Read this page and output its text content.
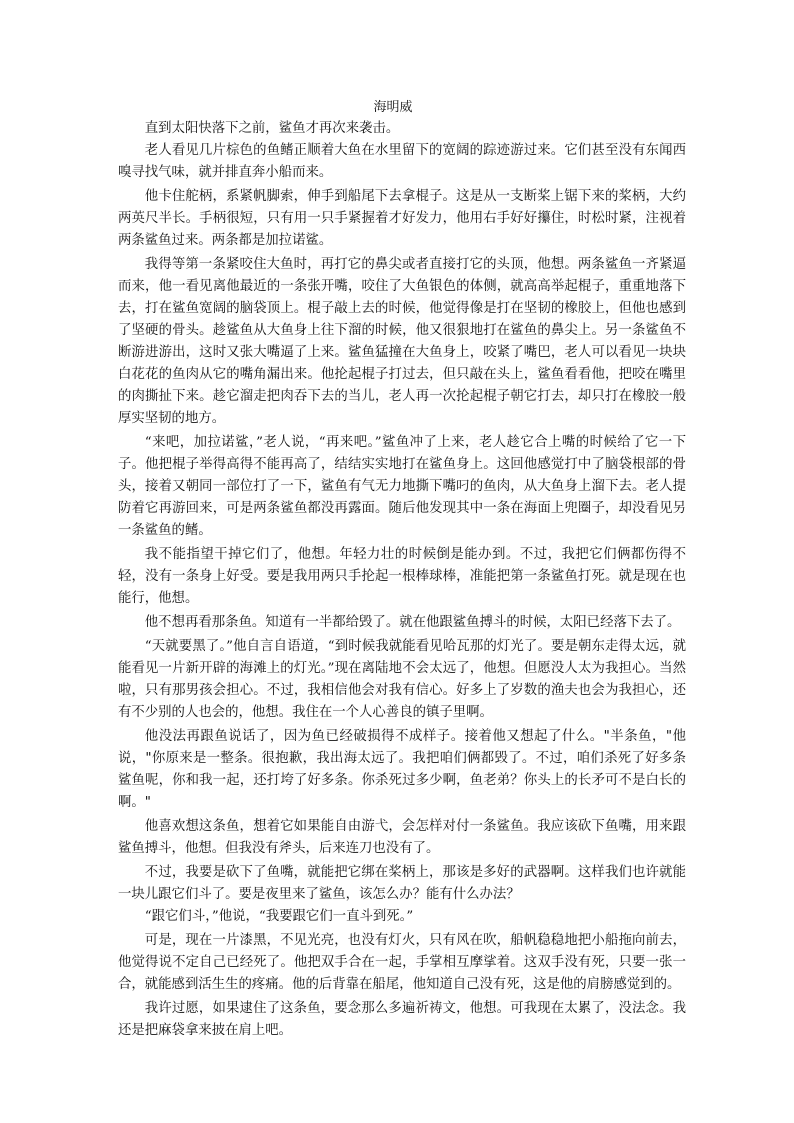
海明威

直到太阳快落下之前，鲨鱼才再次来袭击。

老人看见几片棕色的鱼鳍正顺着大鱼在水里留下的宽阔的踪迹游过来。它们甚至没有东闻西嗅寻找气味，就并排直奔小船而来。

他卡住舵柄，系紧帆脚索，伸手到船尾下去拿棍子。这是从一支断桨上锯下来的桨柄，大约两英尺半长。手柄很短，只有用一只手紧握着才好发力，他用右手好好攥住，时松时紧，注视着两条鲨鱼过来。两条都是加拉诺鲨。

我得等第一条紧咬住大鱼时，再打它的鼻尖或者直接打它的头顶，他想。两条鲨鱼一齐紧逼而来，他一看见离他最近的一条张开嘴，咬住了大鱼银色的体侧，就高高举起棍子，重重地落下去，打在鲨鱼宽阔的脑袋顶上。棍子敲上去的时候，他觉得像是打在坚韧的橡胶上，但他也感到了坚硬的骨头。趁鲨鱼从大鱼身上往下溜的时候，他又很狠地打在鲨鱼的鼻尖上。另一条鲨鱼不断游进游出，这时又张大嘴逼了上来。鲨鱼猛撞在大鱼身上，咬紧了嘴巴，老人可以看见一块块白花花的鱼肉从它的嘴角漏出来。他抡起棍子打过去，但只敲在头上，鲨鱼看看他，把咬在嘴里的肉撕扯下来。趁它溜走把肉吞下去的当儿，老人再一次抡起棍子朝它打去，却只打在橡胶一般厚实坚韧的地方。

“来吧，加拉诺鲨，”老人说，“再来吧。”鲨鱼冲了上来，老人趁它合上嘴的时候给了它一下子。他把棍子举得高得不能再高了，结结实实地打在鲨鱼身上。这回他感觉打中了脑袋根部的骨头，接着又朝同一部位打了一下，鲨鱼有气无力地撕下嘴叼的鱼肉，从大鱼身上溜下去。老人提防着它再游回来，可是两条鲨鱼都没再露面。随后他发现其中一条在海面上兜圈子，却没看见另一条鲨鱼的鳍。

我不能指望干掉它们了，他想。年轻力壮的时候倒是能办到。不过，我把它们俩都伤得不轻，没有一条身上好受。要是我用两只手抡起一根棒球棒，准能把第一条鲨鱼打死。就是现在也能行，他想。

他不想再看那条鱼。知道有一半都给毁了。就在他跟鲨鱼搏斗的时候，太阳已经落下去了。

“天就要黑了。”他自言自语道，“到时候我就能看见哈瓦那的灯光了。要是朝东走得太远，就能看见一片新开辟的海滩上的灯光。”现在离陆地不会太远了，他想。但愿没人太为我担心。当然啦，只有那男孩会担心。不过，我相信他会对我有信心。好多上了岁数的渔夫也会为我担心，还有不少别的人也会的，他想。我住在一个人心善良的镇子里啊。

他没法再跟鱼说话了，因为鱼已经破损得不成样子。接着他又想起了什么。"半条鱼，"他说，"你原来是一整条。很抱歉，我出海太远了。我把咱们俩都毁了。不过，咱们杀死了好多条鲨鱼呢，你和我一起，还打垮了好多条。你杀死过多少啊，鱼老弟？你头上的长矛可不是白长的啊。"

他喜欢想这条鱼，想着它如果能自由游弋，会怎样对付一条鲨鱼。我应该砍下鱼嘴，用来跟鲨鱼搏斗，他想。但我没有斧头，后来连刀也没有了。

不过，我要是砍下了鱼嘴，就能把它绑在桨柄上，那该是多好的武器啊。这样我们也许就能一块儿跟它们斗了。要是夜里来了鲨鱼，该怎么办？能有什么办法？

“跟它们斗，”他说，“我要跟它们一直斗到死。”

可是，现在一片漆黑，不见光亮，也没有灯火，只有风在吹，船帆稳稳地把小船拖向前去，他觉得说不定自己已经死了。他把双手合在一起，手掌相互摩挲着。这双手没有死，只要一张一合，就能感到活生生的疼痛。他的后背靠在船尾，他知道自己没有死，这是他的肩膀感觉到的。

我许过愿，如果逮住了这条鱼，要念那么多遍祈祷文，他想。可我现在太累了，没法念。我还是把麻袋拿来披在肩上吧。
